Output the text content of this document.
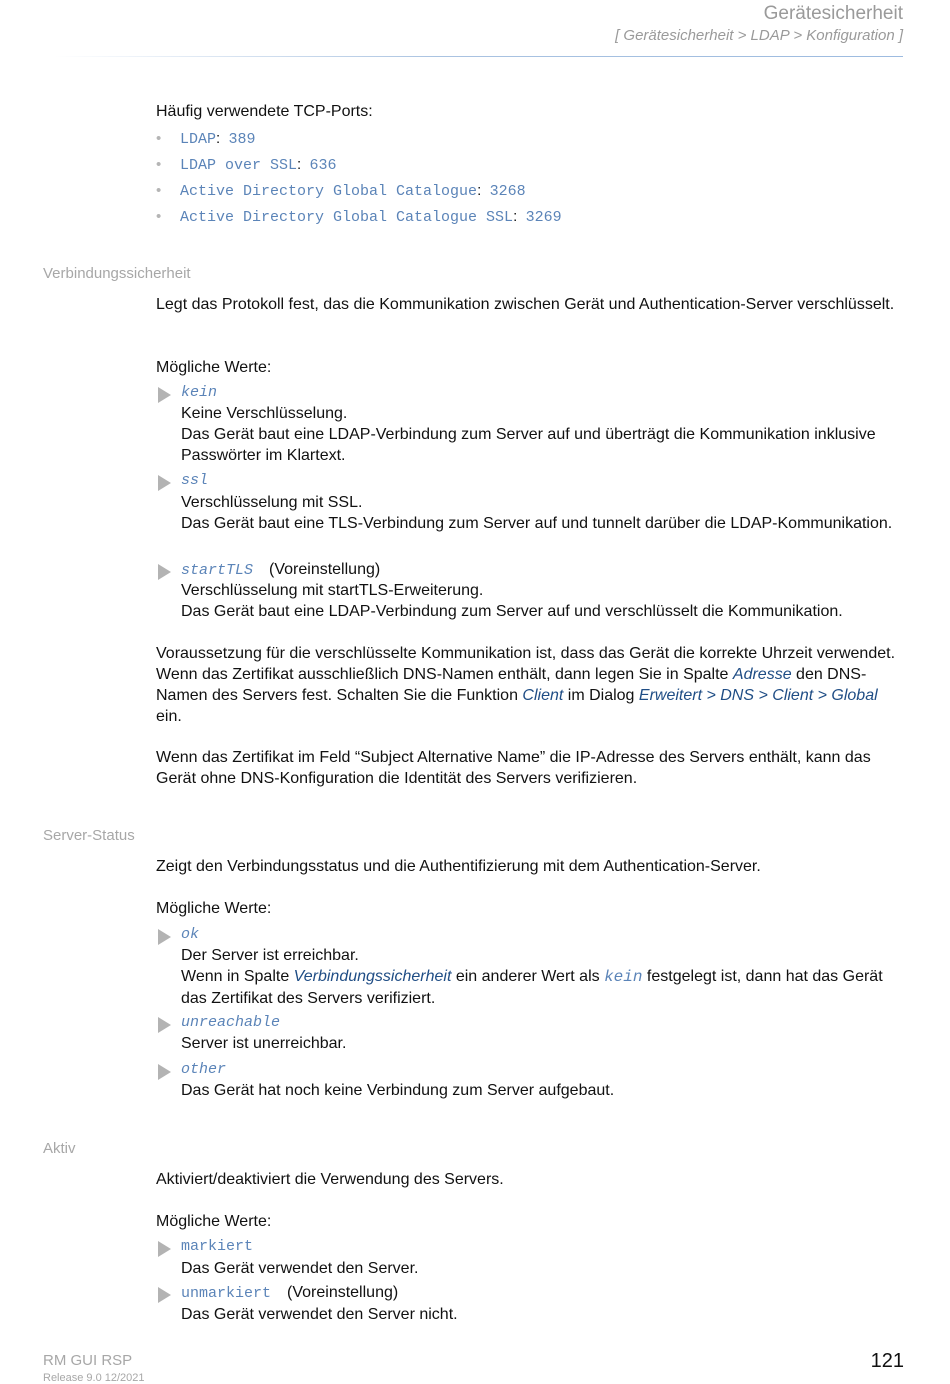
Gerätesicherheit
[ Gerätesicherheit > LDAP > Konfiguration ]
Häufig verwendete TCP-Ports:
• LDAP:  389
• LDAP over SSL:  636
• Active Directory Global Catalogue:  3268
• Active Directory Global Catalogue SSL:  3269
Verbindungssicherheit
Legt das Protokoll fest, das die Kommunikation zwischen Gerät und Authentication-Server verschlüsselt.
Mögliche Werte:
kein
Keine Verschlüsselung.
Das Gerät baut eine LDAP-Verbindung zum Server auf und überträgt die Kommunikation inklusive Passwörter im Klartext.
ssl
Verschlüsselung mit SSL.
Das Gerät baut eine TLS-Verbindung zum Server auf und tunnelt darüber die LDAP-Kommunikation.
startTLS (Voreinstellung)
Verschlüsselung mit startTLS-Erweiterung.
Das Gerät baut eine LDAP-Verbindung zum Server auf und verschlüsselt die Kommunikation.
Voraussetzung für die verschlüsselte Kommunikation ist, dass das Gerät die korrekte Uhrzeit verwendet. Wenn das Zertifikat ausschließlich DNS-Namen enthält, dann legen Sie in Spalte Adresse den DNS-Namen des Servers fest. Schalten Sie die Funktion Client im Dialog Erweitert > DNS > Client > Global ein.
Wenn das Zertifikat im Feld “Subject Alternative Name” die IP-Adresse des Servers enthält, kann das Gerät ohne DNS-Konfiguration die Identität des Servers verifizieren.
Server-Status
Zeigt den Verbindungsstatus und die Authentifizierung mit dem Authentication-Server.
Mögliche Werte:
ok
Der Server ist erreichbar.
Wenn in Spalte Verbindungssicherheit ein anderer Wert als kein festgelegt ist, dann hat das Gerät das Zertifikat des Servers verifiziert.
unreachable
Server ist unerreichbar.
other
Das Gerät hat noch keine Verbindung zum Server aufgebaut.
Aktiv
Aktiviert/deaktiviert die Verwendung des Servers.
Mögliche Werte:
markiert
Das Gerät verwendet den Server.
unmarkiert (Voreinstellung)
Das Gerät verwendet den Server nicht.
RM GUI RSP
Release 9.0 12/2021
121
